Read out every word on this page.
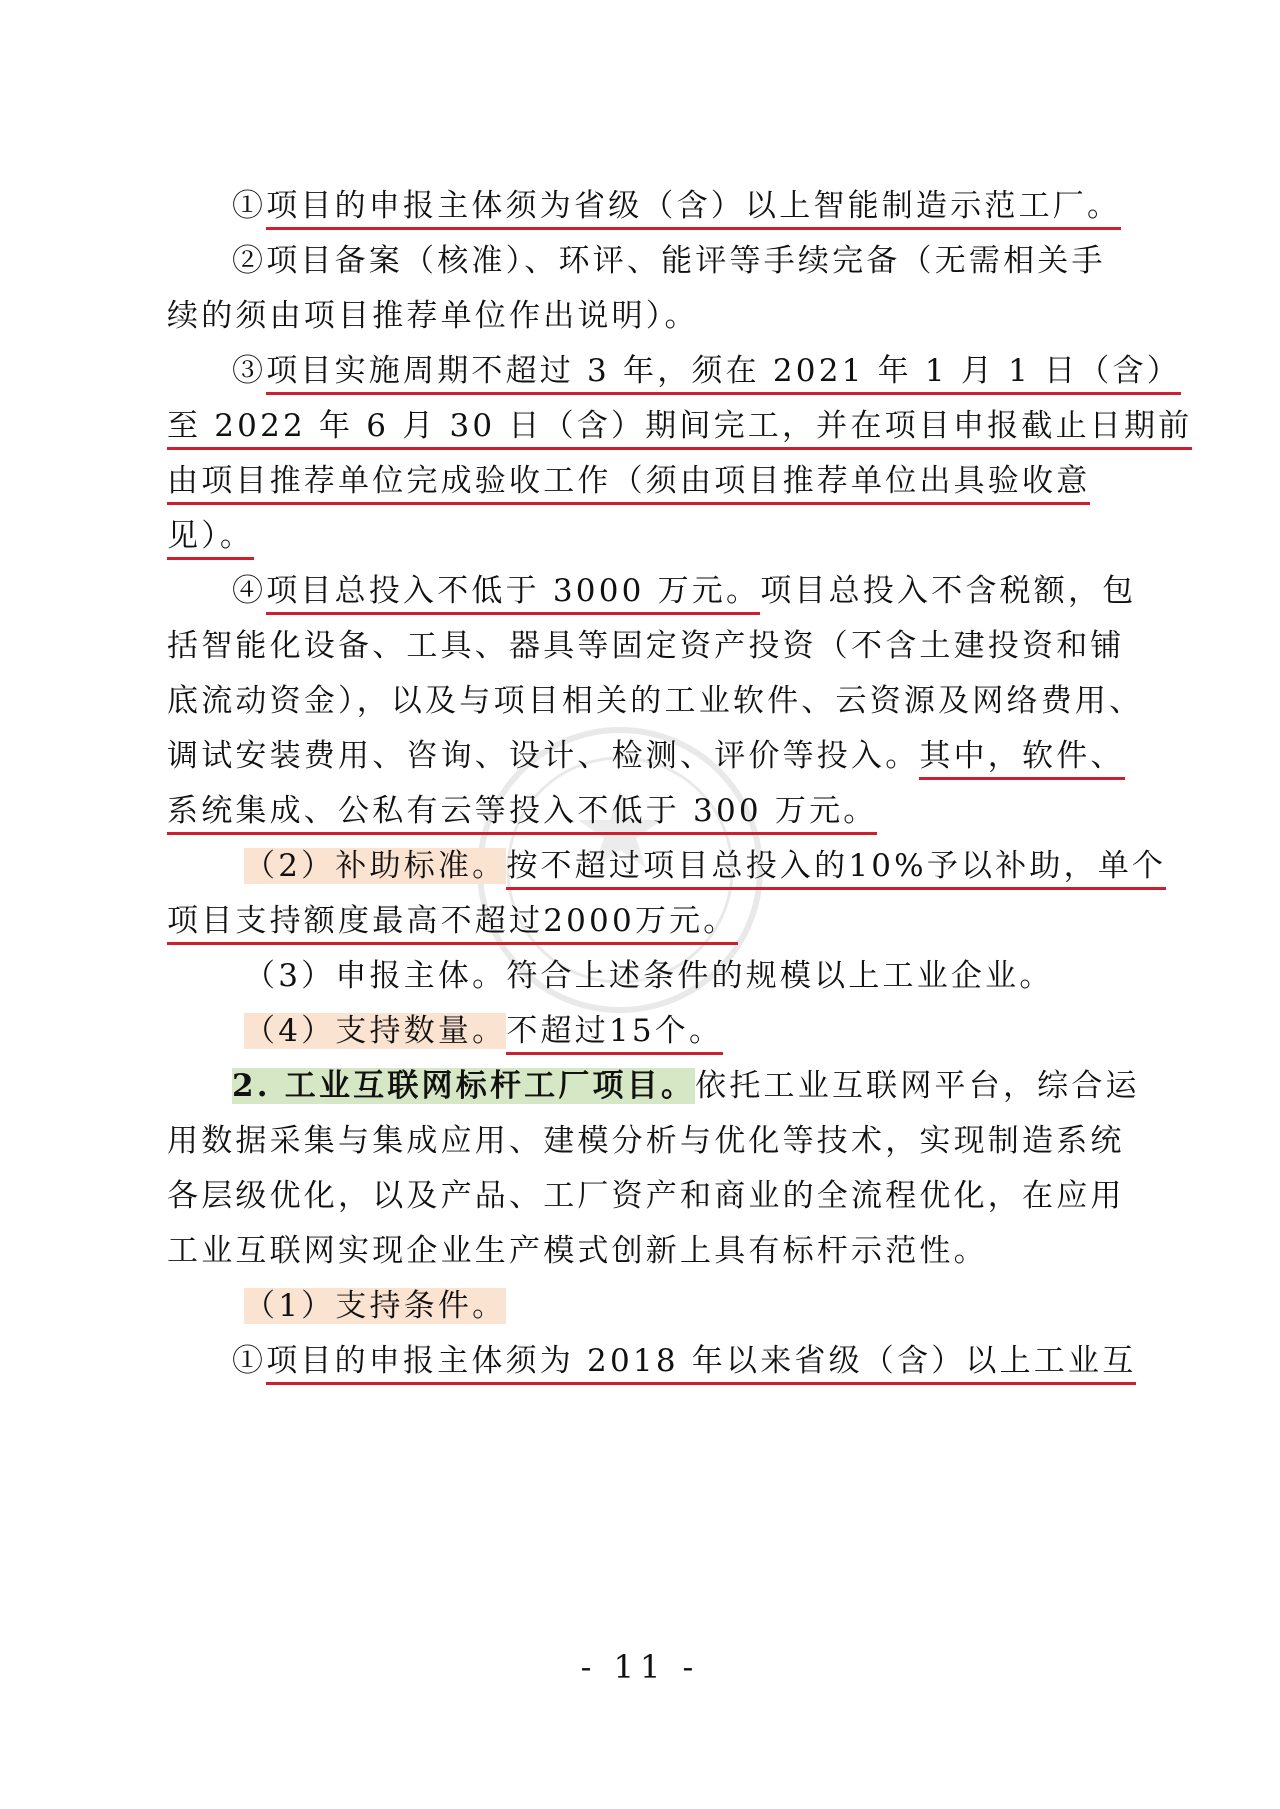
①项目的申报主体须为省级（含）以上智能制造示范工厂。
②项目备案（核准）、环评、能评等手续完备（无需相关手
续的须由项目推荐单位作出说明）。
③项目实施周期不超过 3 年，须在 2021 年 1 月 1 日（含）
至 2022 年 6 月 30 日（含）期间完工，并在项目申报截止日期前
由项目推荐单位完成验收工作（须由项目推荐单位出具验收意
见）。
④项目总投入不低于 3000 万元。项目总投入不含税额，包
括智能化设备、工具、器具等固定资产投资（不含土建投资和铺
底流动资金），以及与项目相关的工业软件、云资源及网络费用、
调试安装费用、咨询、设计、检测、评价等投入。其中，软件、
系统集成、公私有云等投入不低于 300 万元。
（2）补助标准。按不超过项目总投入的10%予以补助，单个
项目支持额度最高不超过2000万元。
（3）申报主体。符合上述条件的规模以上工业企业。
（4）支持数量。不超过15个。
2. 工业互联网标杆工厂项目。依托工业互联网平台，综合运
用数据采集与集成应用、建模分析与优化等技术，实现制造系统
各层级优化，以及产品、工厂资产和商业的全流程优化，在应用
工业互联网实现企业生产模式创新上具有标杆示范性。
（1）支持条件。
①项目的申报主体须为 2018 年以来省级（含）以上工业互
- 11 -
